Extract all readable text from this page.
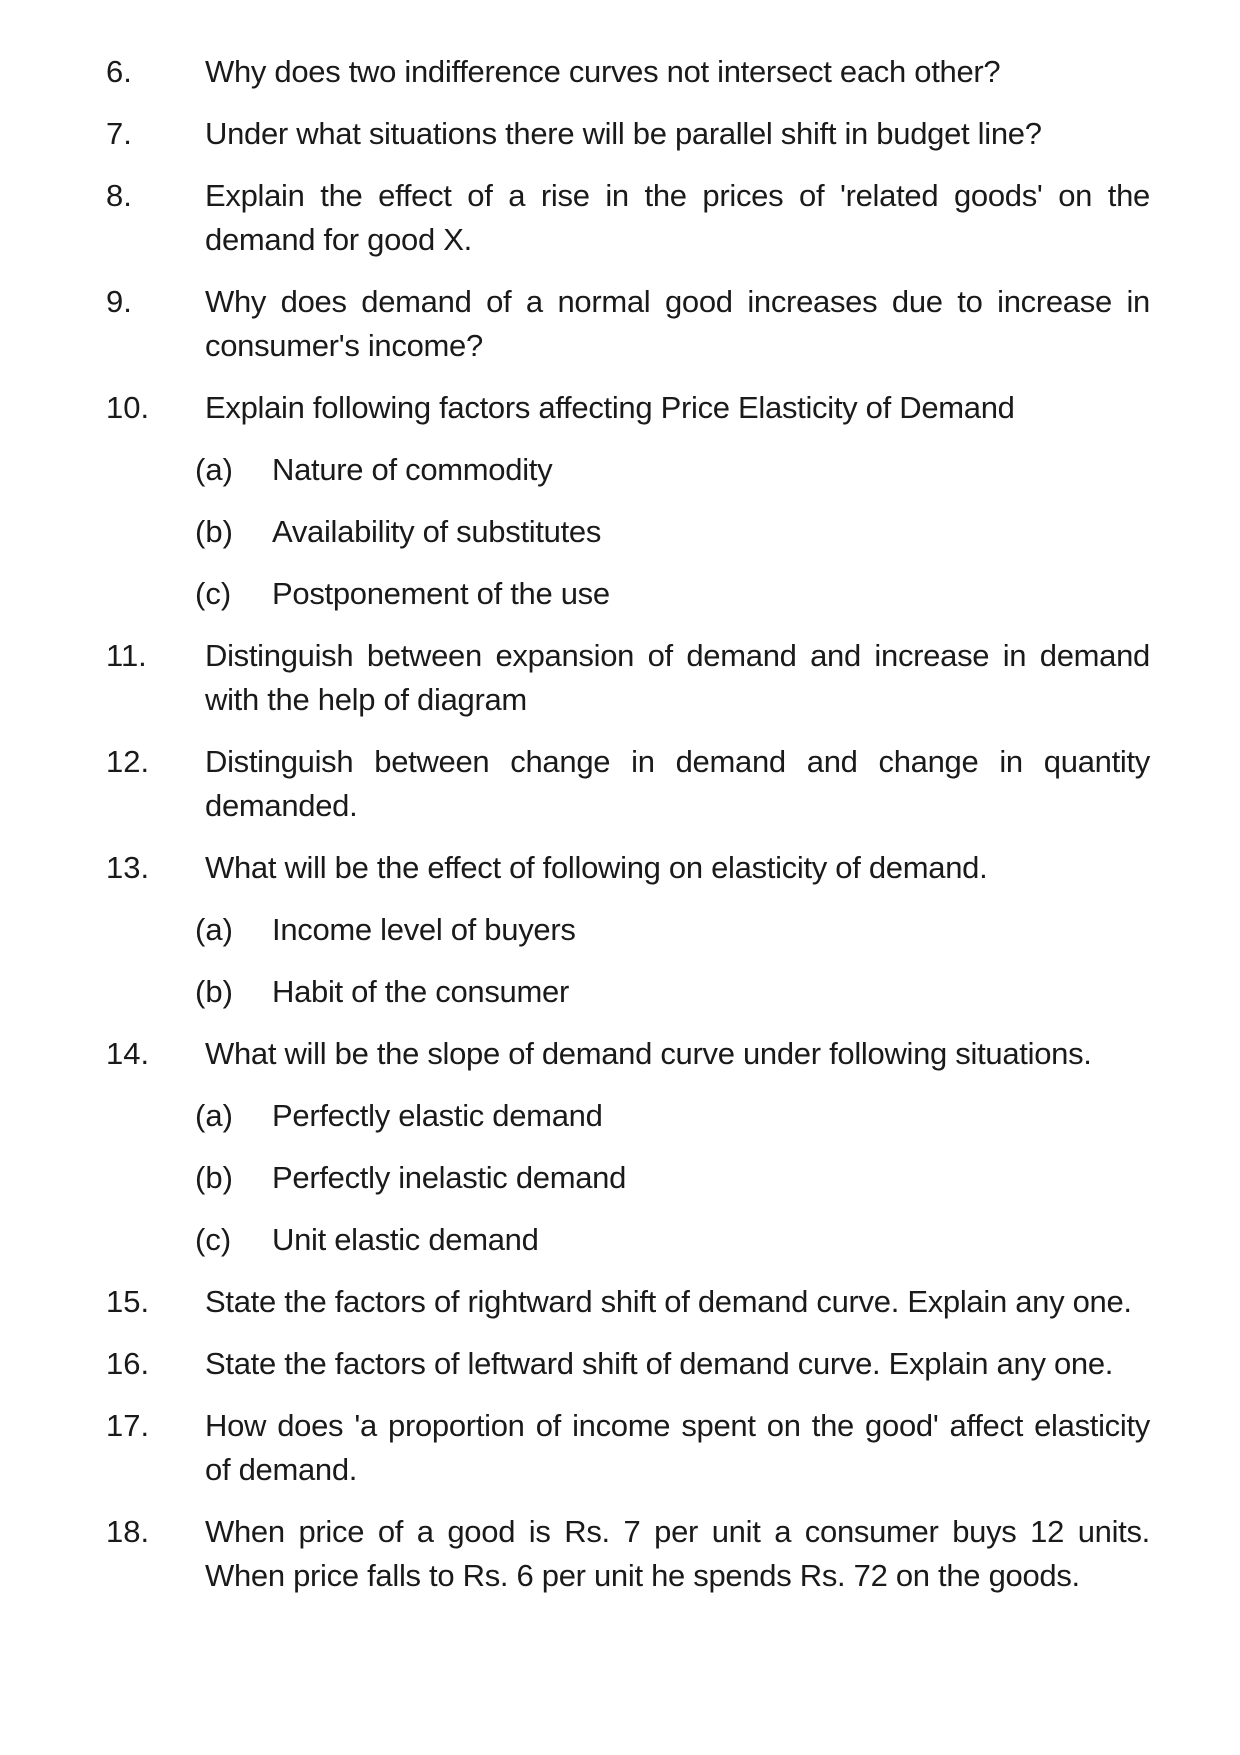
6.	Why does two indifference curves not intersect each other?
7.	Under what situations there will be parallel shift in budget line?
8.	Explain the effect of a rise in the prices of 'related goods' on the demand for good X.
9.	Why does demand of a normal good increases due to increase in consumer's income?
10.	Explain following factors affecting Price Elasticity of Demand
(a) Nature of commodity
(b) Availability of substitutes
(c) Postponement of the use
11.	Distinguish between expansion of demand and increase in demand with the help of diagram
12.	Distinguish between change in demand and change in quantity demanded.
13.	What will be the effect of following on elasticity of demand.
(a) Income level of buyers
(b) Habit of the consumer
14.	What will be the slope of demand curve under following situations.
(a) Perfectly elastic demand
(b) Perfectly inelastic demand
(c) Unit elastic demand
15.	State the factors of rightward shift of demand curve. Explain any one.
16.	State the factors of leftward shift of demand curve. Explain any one.
17.	How does 'a proportion of income spent on the good' affect elasticity of demand.
18.	When price of a good is Rs. 7 per unit a consumer buys 12 units. When price falls to Rs. 6 per unit he spends Rs. 72 on the goods.
